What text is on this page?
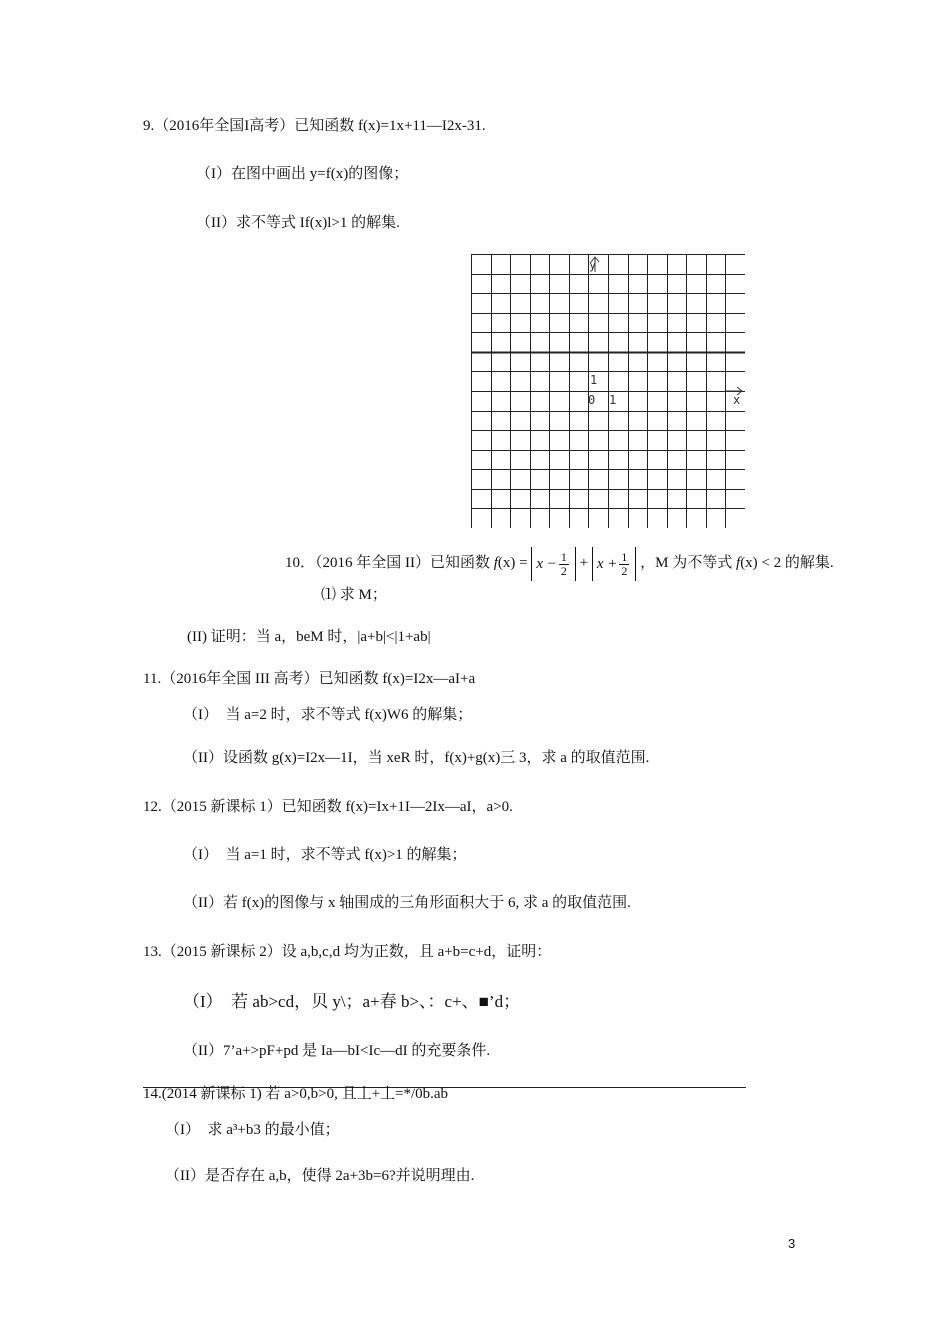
9.（2016年全国I高考）已知函数 f(x)=1x+11—I2x-31.
（I）在图中画出 y=f(x)的图像；
（II）求不等式 If(x)l>1 的解集.
y
x
1
0 1
10．（2016 年全国 II）已知函数 $f(x) = x - \frac{1}{2} + x + \frac{1}{2}$ ，M 为不等式 f(x) < 2 的解集.
⑴ 求 M；
(II) 证明：当 a，beM 时，|a+b|<|1+ab|
11.（2016年全国 III 高考）已知函数 f(x)=I2x—aI+a
（I）　当 a=2 时，求不等式 f(x)W6 的解集；
（II）设函数 g(x)=I2x—1I，当 xeR 时，f(x)+g(x)三 3，求 a 的取值范围.
12.（2015 新课标 1）已知函数 f(x)=Ix+1I—2Ix—aI，a>0.
（I）　当 a=1 时，求不等式 f(x)>1 的解集；
（II）若 f(x)的图像与 x 轴围成的三角形面积大于 6, 求 a 的取值范围.
13.（2015 新课标 2）设 a,b,c,d 均为正数，且 a+b=c+d，证明：
（I）　若 ab>cd，贝 y\；a+春 b>、：c+、■’d；
（II）7’a+>pF+pd 是 Ia—bI<Ic—dI 的充要条件.
14.(2014 新课标 1) 若 a>0,b>0, 且丄+丄=*/0b.ab
（I）　求 a³+b3 的最小值；
（II）是否存在 a,b，使得 2a+3b=6?并说明理由.
3
